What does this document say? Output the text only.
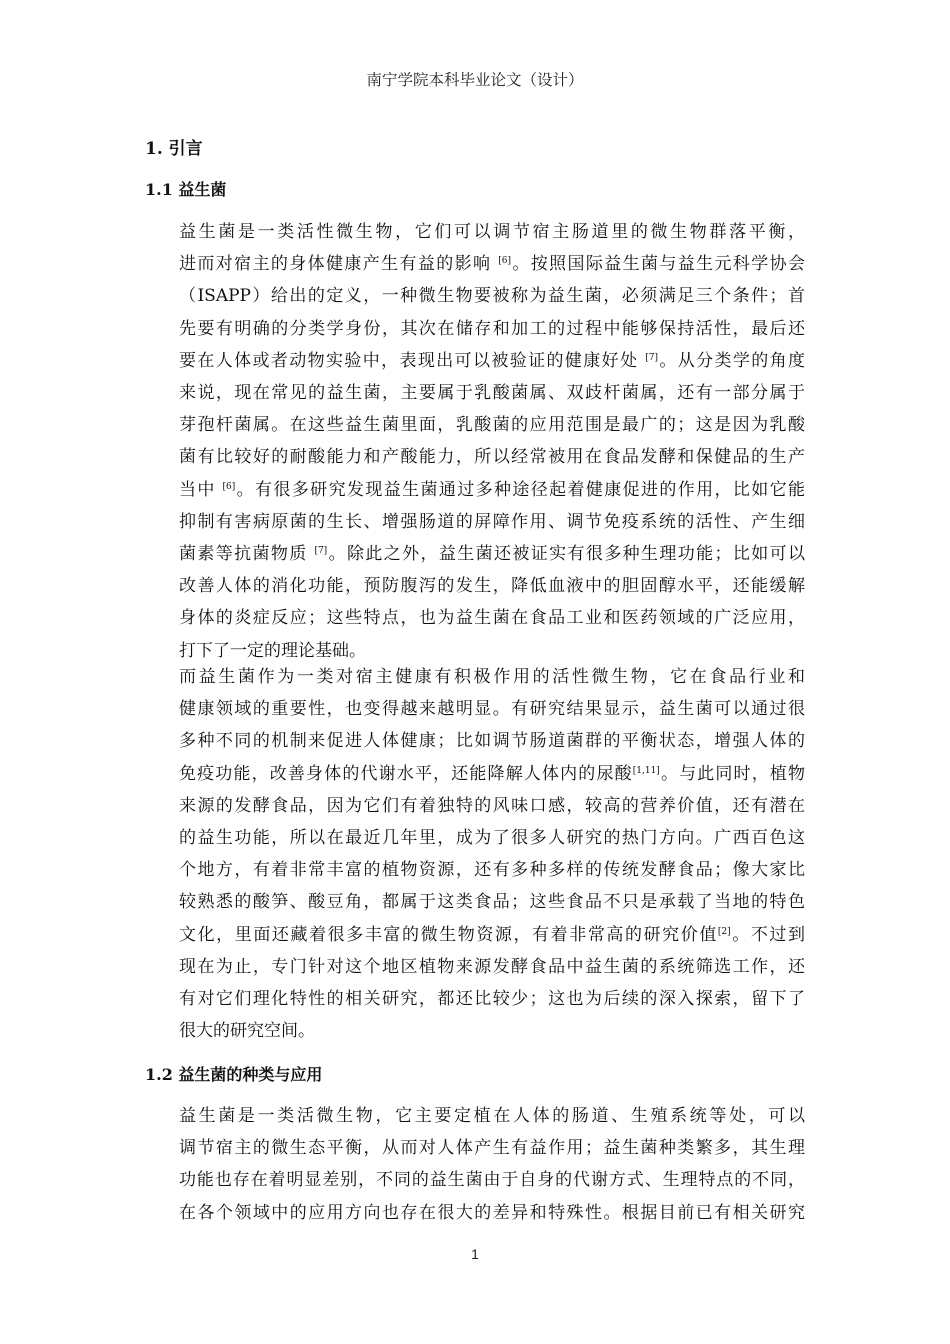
南宁学院本科毕业论文（设计）
1. 引言
1.1 益生菌
益生菌是一类活性微生物，它们可以调节宿主肠道里的微生物群落平衡，
进而对宿主的身体健康产生有益的影响 [6]。按照国际益生菌与益生元科学协会
（ISAPP）给出的定义，一种微生物要被称为益生菌，必须满足三个条件；首
先要有明确的分类学身份，其次在储存和加工的过程中能够保持活性，最后还
要在人体或者动物实验中，表现出可以被验证的健康好处 [7]。从分类学的角度
来说，现在常见的益生菌，主要属于乳酸菌属、双歧杆菌属，还有一部分属于
芽孢杆菌属。在这些益生菌里面，乳酸菌的应用范围是最广的；这是因为乳酸
菌有比较好的耐酸能力和产酸能力，所以经常被用在食品发酵和保健品的生产
当中 [6]。有很多研究发现益生菌通过多种途径起着健康促进的作用，比如它能
抑制有害病原菌的生长、增强肠道的屏障作用、调节免疫系统的活性、产生细
菌素等抗菌物质 [7]。除此之外，益生菌还被证实有很多种生理功能；比如可以
改善人体的消化功能，预防腹泻的发生，降低血液中的胆固醇水平，还能缓解
身体的炎症反应；这些特点，也为益生菌在食品工业和医药领域的广泛应用，
打下了一定的理论基础。
而益生菌作为一类对宿主健康有积极作用的活性微生物，它在食品行业和
健康领域的重要性，也变得越来越明显。有研究结果显示，益生菌可以通过很
多种不同的机制来促进人体健康；比如调节肠道菌群的平衡状态，增强人体的
免疫功能，改善身体的代谢水平，还能降解人体内的尿酸[1,11]。与此同时，植物
来源的发酵食品，因为它们有着独特的风味口感，较高的营养价值，还有潜在
的益生功能，所以在最近几年里，成为了很多人研究的热门方向。广西百色这
个地方，有着非常丰富的植物资源，还有多种多样的传统发酵食品；像大家比
较熟悉的酸笋、酸豆角，都属于这类食品；这些食品不只是承载了当地的特色
文化，里面还藏着很多丰富的微生物资源，有着非常高的研究价值[2]。不过到
现在为止，专门针对这个地区植物来源发酵食品中益生菌的系统筛选工作，还
有对它们理化特性的相关研究，都还比较少；这也为后续的深入探索，留下了
很大的研究空间。
1.2 益生菌的种类与应用
益生菌是一类活微生物，它主要定植在人体的肠道、生殖系统等处，可以
调节宿主的微生态平衡，从而对人体产生有益作用；益生菌种类繁多，其生理
功能也存在着明显差别，不同的益生菌由于自身的代谢方式、生理特点的不同，
在各个领域中的应用方向也存在很大的差异和特殊性。根据目前已有相关研究
1
